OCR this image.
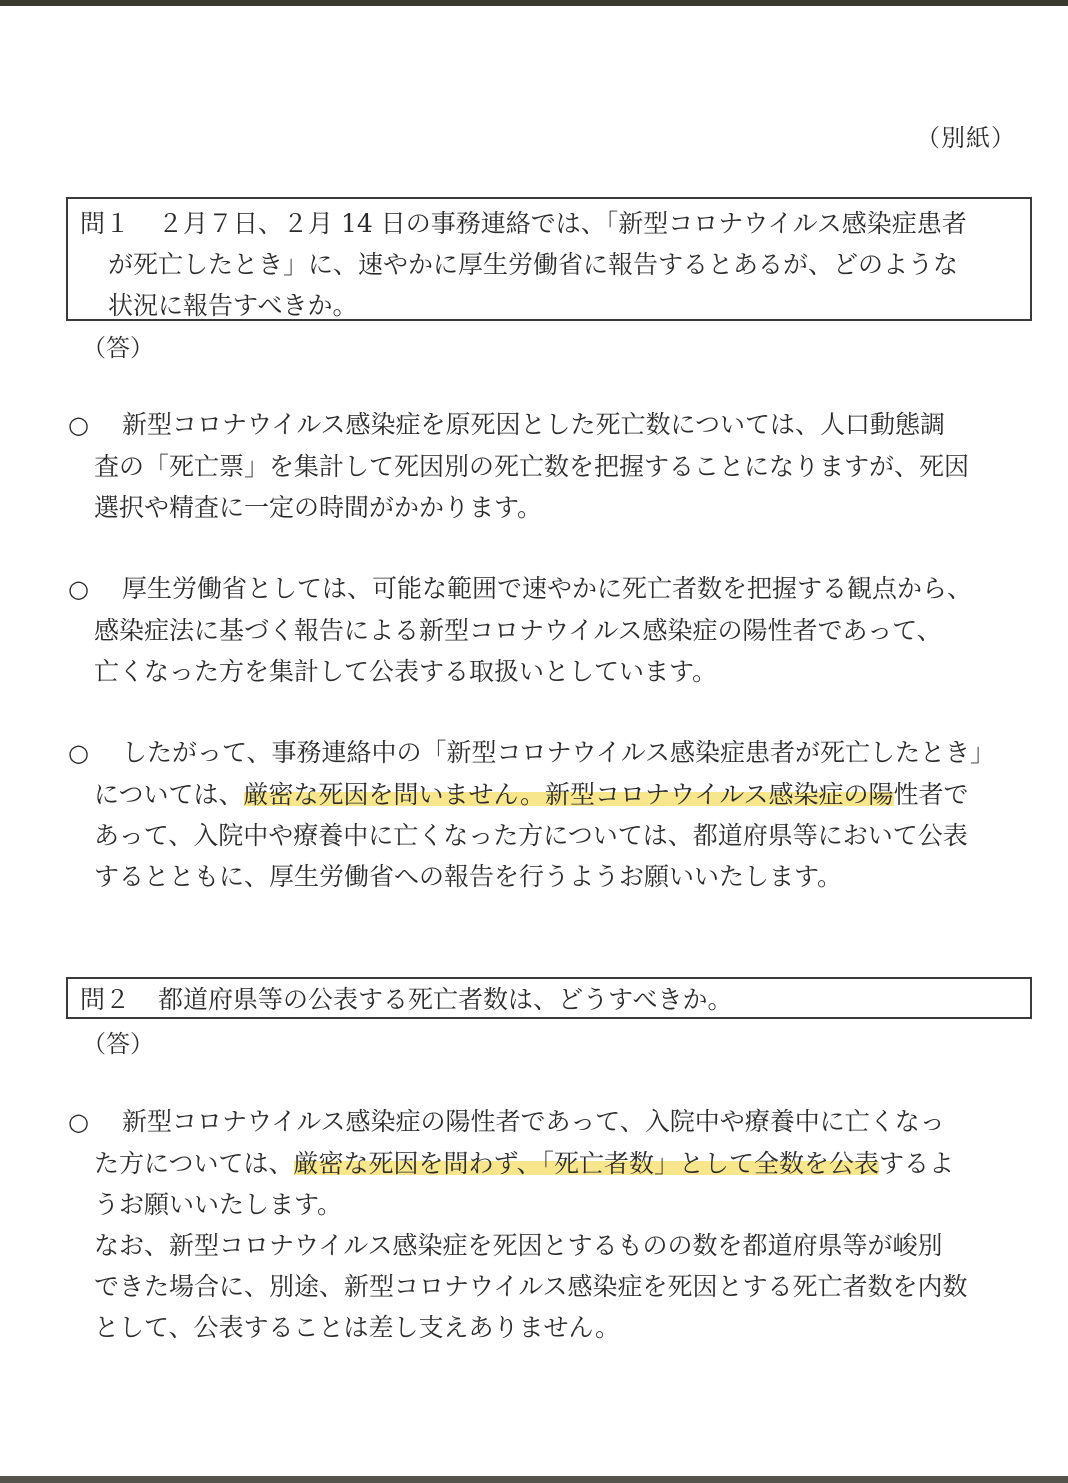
（別紙）
問１ ２月７日、２月 14 日の事務連絡では、「新型コロナウイルス感染症患者
が死亡したとき」に、速やかに厚生労働省に報告するとあるが、どのような
状況に報告すべきか。
（答）
○ 新型コロナウイルス感染症を原死因とした死亡数については、人口動態調
査の「死亡票」を集計して死因別の死亡数を把握することになりますが、死因
選択や精査に一定の時間がかかります。
○ 厚生労働省としては、可能な範囲で速やかに死亡者数を把握する観点から、
感染症法に基づく報告による新型コロナウイルス感染症の陽性者であって、
亡くなった方を集計して公表する取扱いとしています。
○ したがって、事務連絡中の「新型コロナウイルス感染症患者が死亡したとき」
については、厳密な死因を問いません。新型コロナウイルス感染症の陽性者で
あって、入院中や療養中に亡くなった方については、都道府県等において公表
するとともに、厚生労働省への報告を行うようお願いいたします。
問２ 都道府県等の公表する死亡者数は、どうすべきか。
（答）
○ 新型コロナウイルス感染症の陽性者であって、入院中や療養中に亡くなっ
た方については、厳密な死因を問わず、「死亡者数」として全数を公表するよ
うお願いいたします。
なお、新型コロナウイルス感染症を死因とするものの数を都道府県等が峻別
できた場合に、別途、新型コロナウイルス感染症を死因とする死亡者数を内数
として、公表することは差し支えありません。
